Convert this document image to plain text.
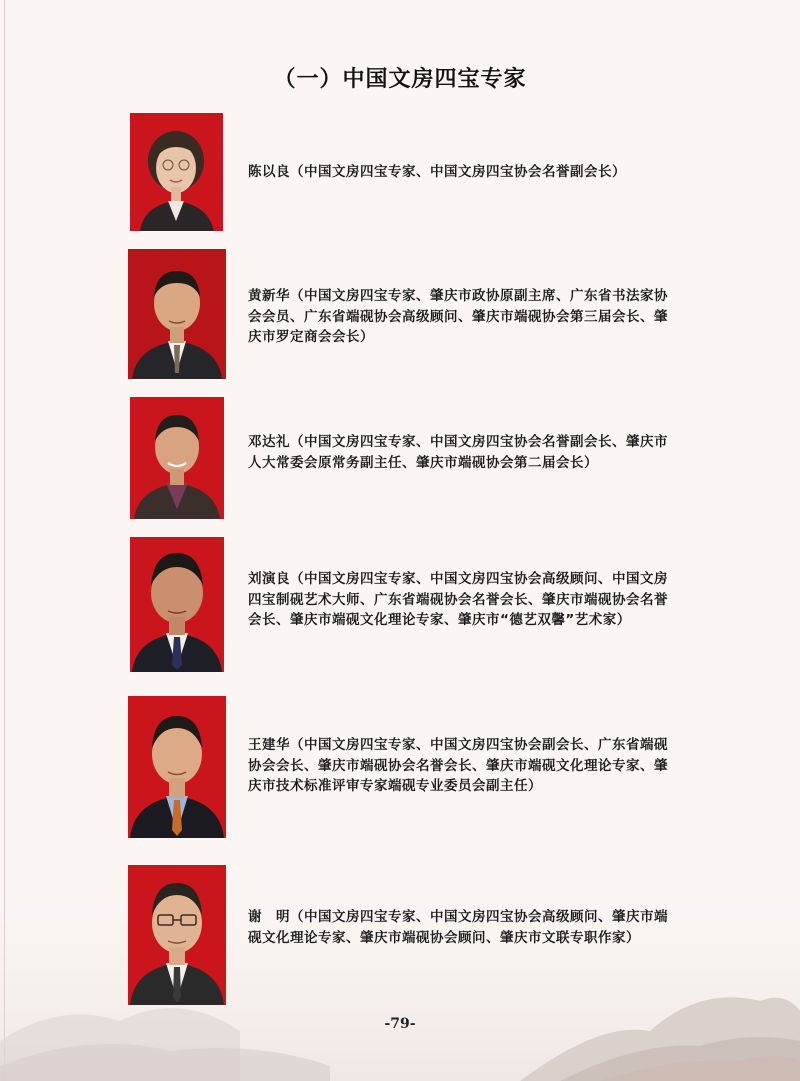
（一）中国文房四宝专家
陈以良（中国文房四宝专家、中国文房四宝协会名誉副会长）
黄新华（中国文房四宝专家、肇庆市政协原副主席、广东省书法家协会会员、广东省端砚协会高级顾问、肇庆市端砚协会第三届会长、肇庆市罗定商会会长）
邓达礼（中国文房四宝专家、中国文房四宝协会名誉副会长、肇庆市人大常委会原常务副主任、肇庆市端砚协会第二届会长）
刘演良（中国文房四宝专家、中国文房四宝协会高级顾问、中国文房四宝制砚艺术大师、广东省端砚协会名誉会长、肇庆市端砚协会名誉会长、肇庆市端砚文化理论专家、肇庆市“德艺双馨”艺术家）
王建华（中国文房四宝专家、中国文房四宝协会副会长、广东省端砚协会会长、肇庆市端砚协会名誉会长、肇庆市端砚文化理论专家、肇庆市技术标准评审专家端砚专业委员会副主任）
谢　明（中国文房四宝专家、中国文房四宝协会高级顾问、肇庆市端砚文化理论专家、肇庆市端砚协会顾问、肇庆市文联专职作家）
-79-
